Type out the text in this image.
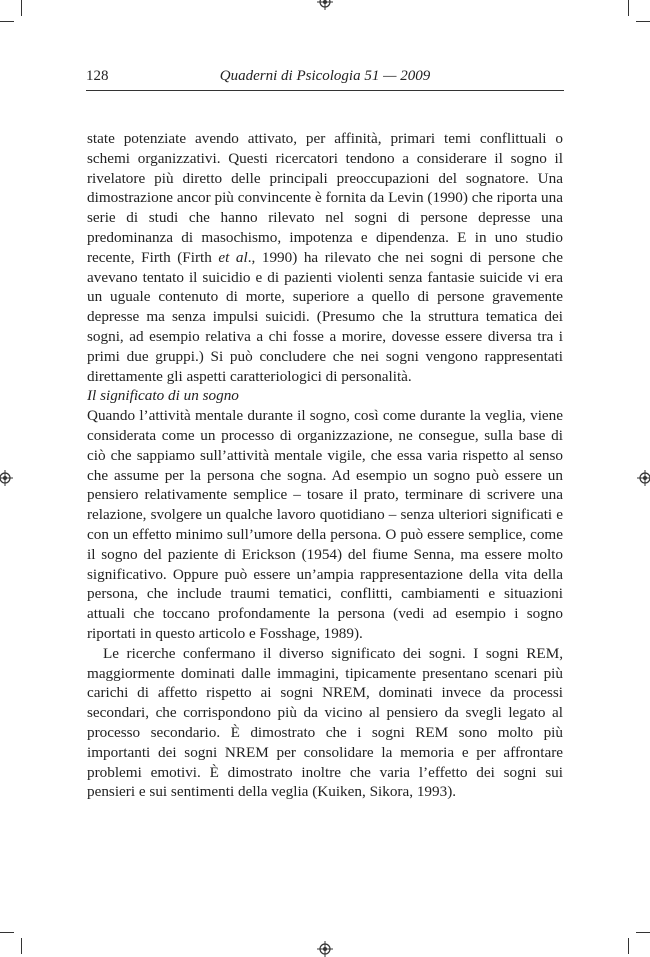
128	Quaderni di Psicologia 51 — 2009

state potenziate avendo attivato, per affinità, primari temi conflittuali o schemi organizzativi. Questi ricercatori tendono a considerare il sogno il rivelatore più diretto delle principali preoccupazioni del sognatore. Una dimostrazione ancor più convincente è fornita da Levin (1990) che riporta una serie di studi che hanno rilevato nel sogni di persone depresse una predominanza di masochismo, impotenza e dipendenza. E in uno studio recente, Firth (Firth et al., 1990) ha rilevato che nei sogni di persone che avevano tentato il suicidio e di pazienti violenti senza fantasie suicide vi era un uguale contenuto di morte, superiore a quello di persone gravemente depresse ma senza impulsi suicidi. (Presumo che la struttura tematica dei sogni, ad esempio relativa a chi fosse a morire, dovesse essere diversa tra i primi due gruppi.) Si può concludere che nei sogni vengono rappresentati direttamente gli aspetti caratteriologici di personalità.

Il significato di un sogno

Quando l’attività mentale durante il sogno, così come durante la veglia, viene considerata come un processo di organizzazione, ne consegue, sulla base di ciò che sappiamo sull’attività mentale vigile, che essa varia rispetto al senso che assume per la persona che sogna. Ad esempio un sogno può essere un pensiero relativamente semplice – tosare il prato, terminare di scrivere una relazione, svolgere un qualche lavoro quotidiano – senza ulteriori significati e con un effetto minimo sull’umore della persona. O può essere semplice, come il sogno del paziente di Erickson (1954) del fiume Senna, ma essere molto significativo. Oppure può essere un’ampia rappresentazione della vita della persona, che include traumi tematici, conflitti, cambiamenti e situazioni attuali che toccano profondamente la persona (vedi ad esempio i sogno riportati in questo articolo e Fosshage, 1989).

Le ricerche confermano il diverso significato dei sogni. I sogni REM, maggiormente dominati dalle immagini, tipicamente presentano scenari più carichi di affetto rispetto ai sogni NREM, dominati invece da processi secondari, che corrispondono più da vicino al pensiero da svegli legato al processo secondario. È dimostrato che i sogni REM sono molto più importanti dei sogni NREM per consolidare la memoria e per affrontare problemi emotivi. È dimostrato inoltre che varia l’effetto dei sogni sui pensieri e sui sentimenti della veglia (Kuiken, Sikora, 1993).
